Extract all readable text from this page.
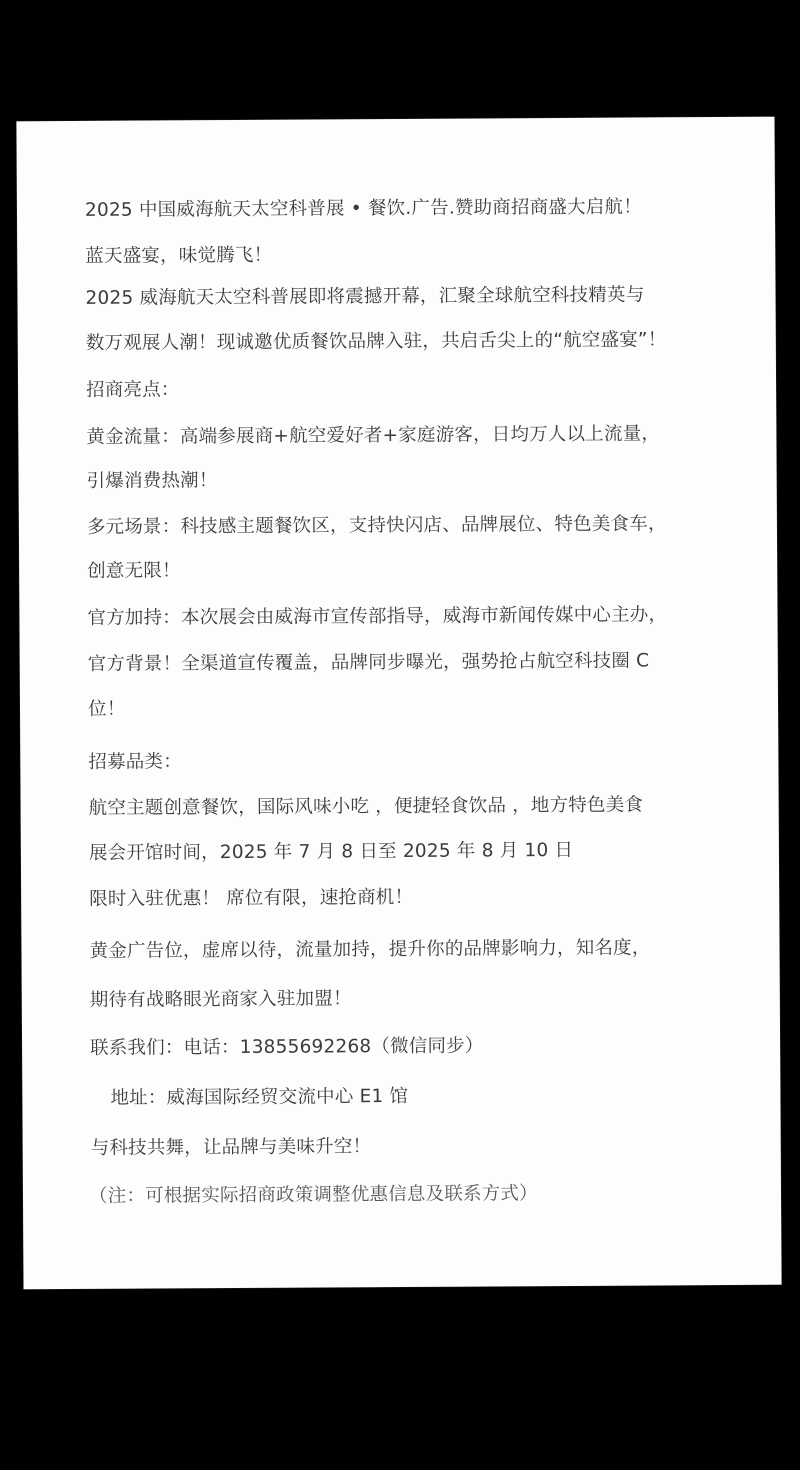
2025 中国威海航天太空科普展 • 餐饮.广告.赞助商招商盛大启航！
蓝天盛宴，味觉腾飞！
2025 威海航天太空科普展即将震撼开幕，汇聚全球航空科技精英与
数万观展人潮！现诚邀优质餐饮品牌入驻，共启舌尖上的“航空盛宴”！
招商亮点：
黄金流量：高端参展商+航空爱好者+家庭游客，日均万人以上流量，
引爆消费热潮！
多元场景：科技感主题餐饮区，支持快闪店、品牌展位、特色美食车，
创意无限！
官方加持：本次展会由威海市宣传部指导，威海市新闻传媒中心主办，
官方背景！全渠道宣传覆盖，品牌同步曝光，强势抢占航空科技圈 C
位！
招募品类：
航空主题创意餐饮，国际风味小吃 ，便捷轻食饮品 ，地方特色美食
展会开馆时间，2025 年 7 月 8 日至 2025 年 8 月 10 日
限时入驻优惠！ 席位有限，速抢商机！
黄金广告位，虚席以待，流量加持，提升你的品牌影响力，知名度，
期待有战略眼光商家入驻加盟！
联系我们：电话：13855692268（微信同步）
地址：威海国际经贸交流中心 E1 馆
与科技共舞，让品牌与美味升空！
（注：可根据实际招商政策调整优惠信息及联系方式）
